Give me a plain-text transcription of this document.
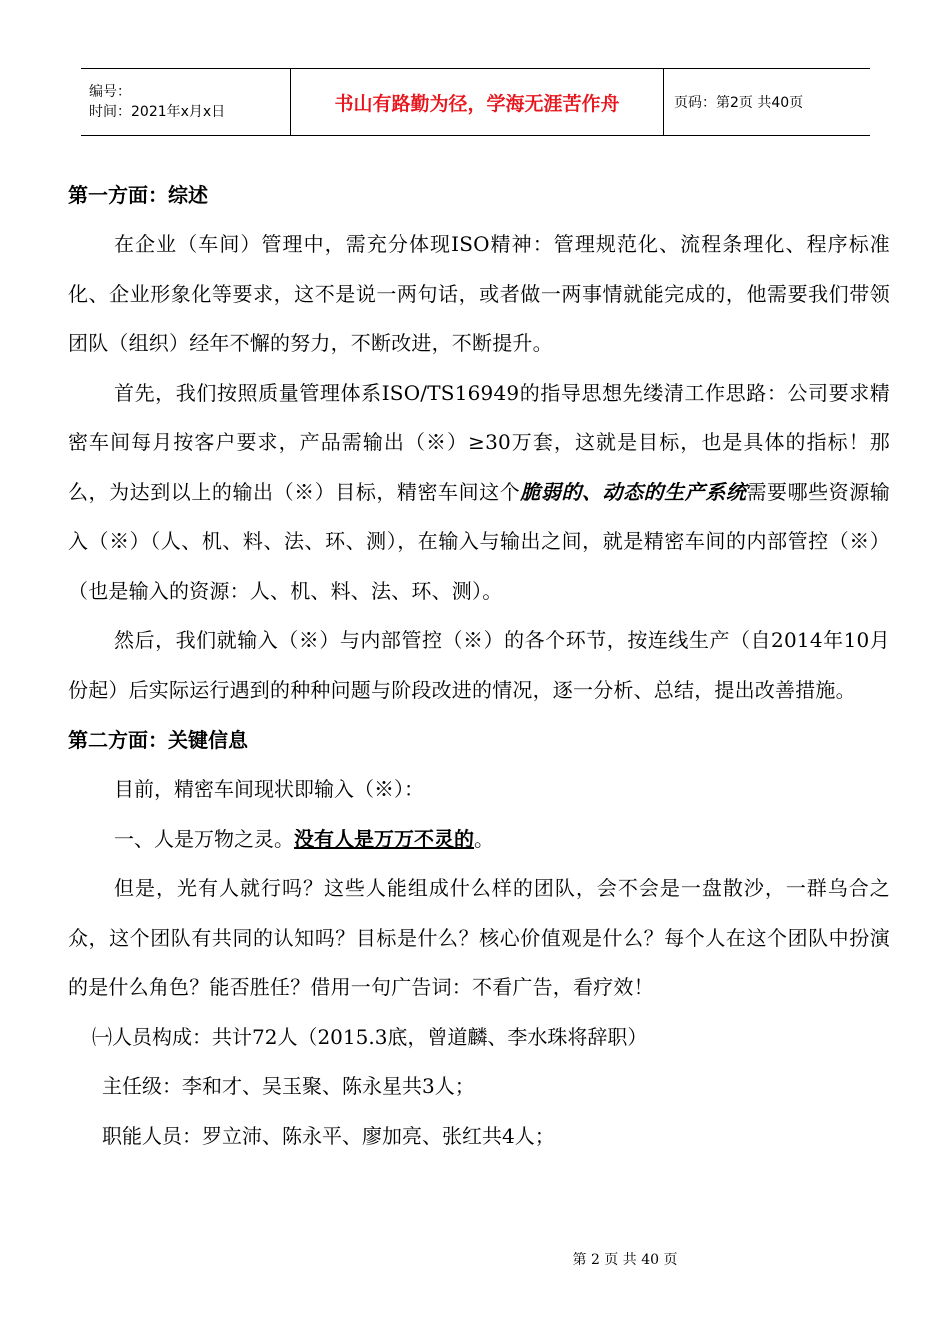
编号：
时间：2021年x月x日	书山有路勤为径，学海无涯苦作舟	页码：第2页 共40页
第一方面：综述

在企业（车间）管理中，需充分体现ISO精神：管理规范化、流程条理化、程序标准化、企业形象化等要求，这不是说一两句话，或者做一两事情就能完成的，他需要我们带领团队（组织）经年不懈的努力，不断改进，不断提升。

首先，我们按照质量管理体系ISO/TS16949的指导思想先缕清工作思路：公司要求精密车间每月按客户要求，产品需输出（※）≥30万套，这就是目标，也是具体的指标！那么，为达到以上的输出（※）目标，精密车间这个脆弱的、动态的生产系统需要哪些资源输入（※）（人、机、料、法、环、测），在输入与输出之间，就是精密车间的内部管控（※）（也是输入的资源：人、机、料、法、环、测）。

然后，我们就输入（※）与内部管控（※）的各个环节，按连线生产（自2014年10月份起）后实际运行遇到的种种问题与阶段改进的情况，逐一分析、总结，提出改善措施。

第二方面：关键信息

目前，精密车间现状即输入（※）：

一、人是万物之灵。没有人是万万不灵的。

但是，光有人就行吗？这些人能组成什么样的团队，会不会是一盘散沙，一群乌合之众，这个团队有共同的认知吗？目标是什么？核心价值观是什么？每个人在这个团队中扮演的是什么角色？能否胜任？借用一句广告词：不看广告，看疗效！

㈠人员构成：共计72人（2015.3底，曾道麟、李水珠将辞职）

主任级：李和才、吴玉聚、陈永星共3人；

职能人员：罗立沛、陈永平、廖加亮、张红共4人；

第 2 页 共 40 页
